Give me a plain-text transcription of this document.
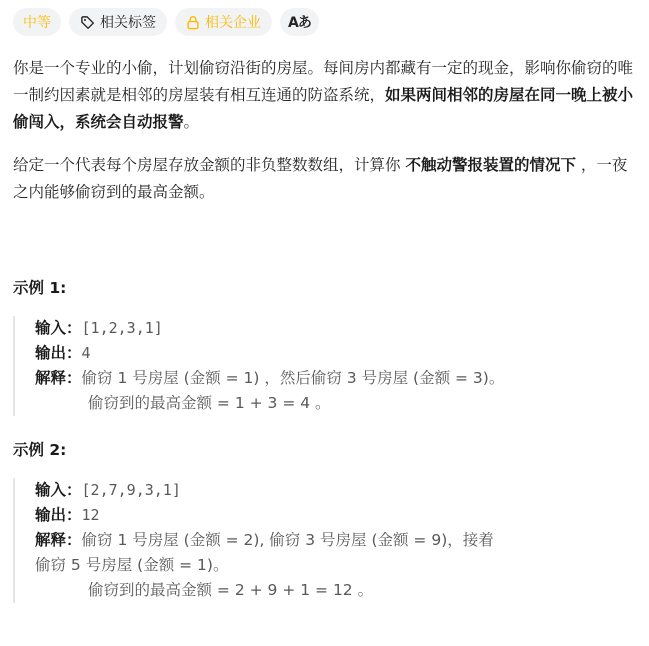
中等	相关标签	相关企业 Aあ

你是一个专业的小偷，计划偷窃沿街的房屋。每间房内都藏有一定的现金，影响你偷窃的唯一制约因素就是相邻的房屋装有相互连通的防盗系统，如果两间相邻的房屋在同一晚上被小偷闯入，系统会自动报警。

给定一个代表每个房屋存放金额的非负整数数组，计算你 不触动警报装置的情况下 ，一夜之内能够偷窃到的最高金额。

示例 1:
输入：[1,2,3,1]
输出：4
解释：偷窃 1 号房屋 (金额 = 1) ，然后偷窃 3 号房屋 (金额 = 3)。
偷窃到的最高金额 = 1 + 3 = 4 。
示例 2:
输入：[2,7,9,3,1]
输出：12
解释：偷窃 1 号房屋 (金额 = 2), 偷窃 3 号房屋 (金额 = 9)，接着
偷窃 5 号房屋 (金额 = 1)。
偷窃到的最高金额 = 2 + 9 + 1 = 12 。
